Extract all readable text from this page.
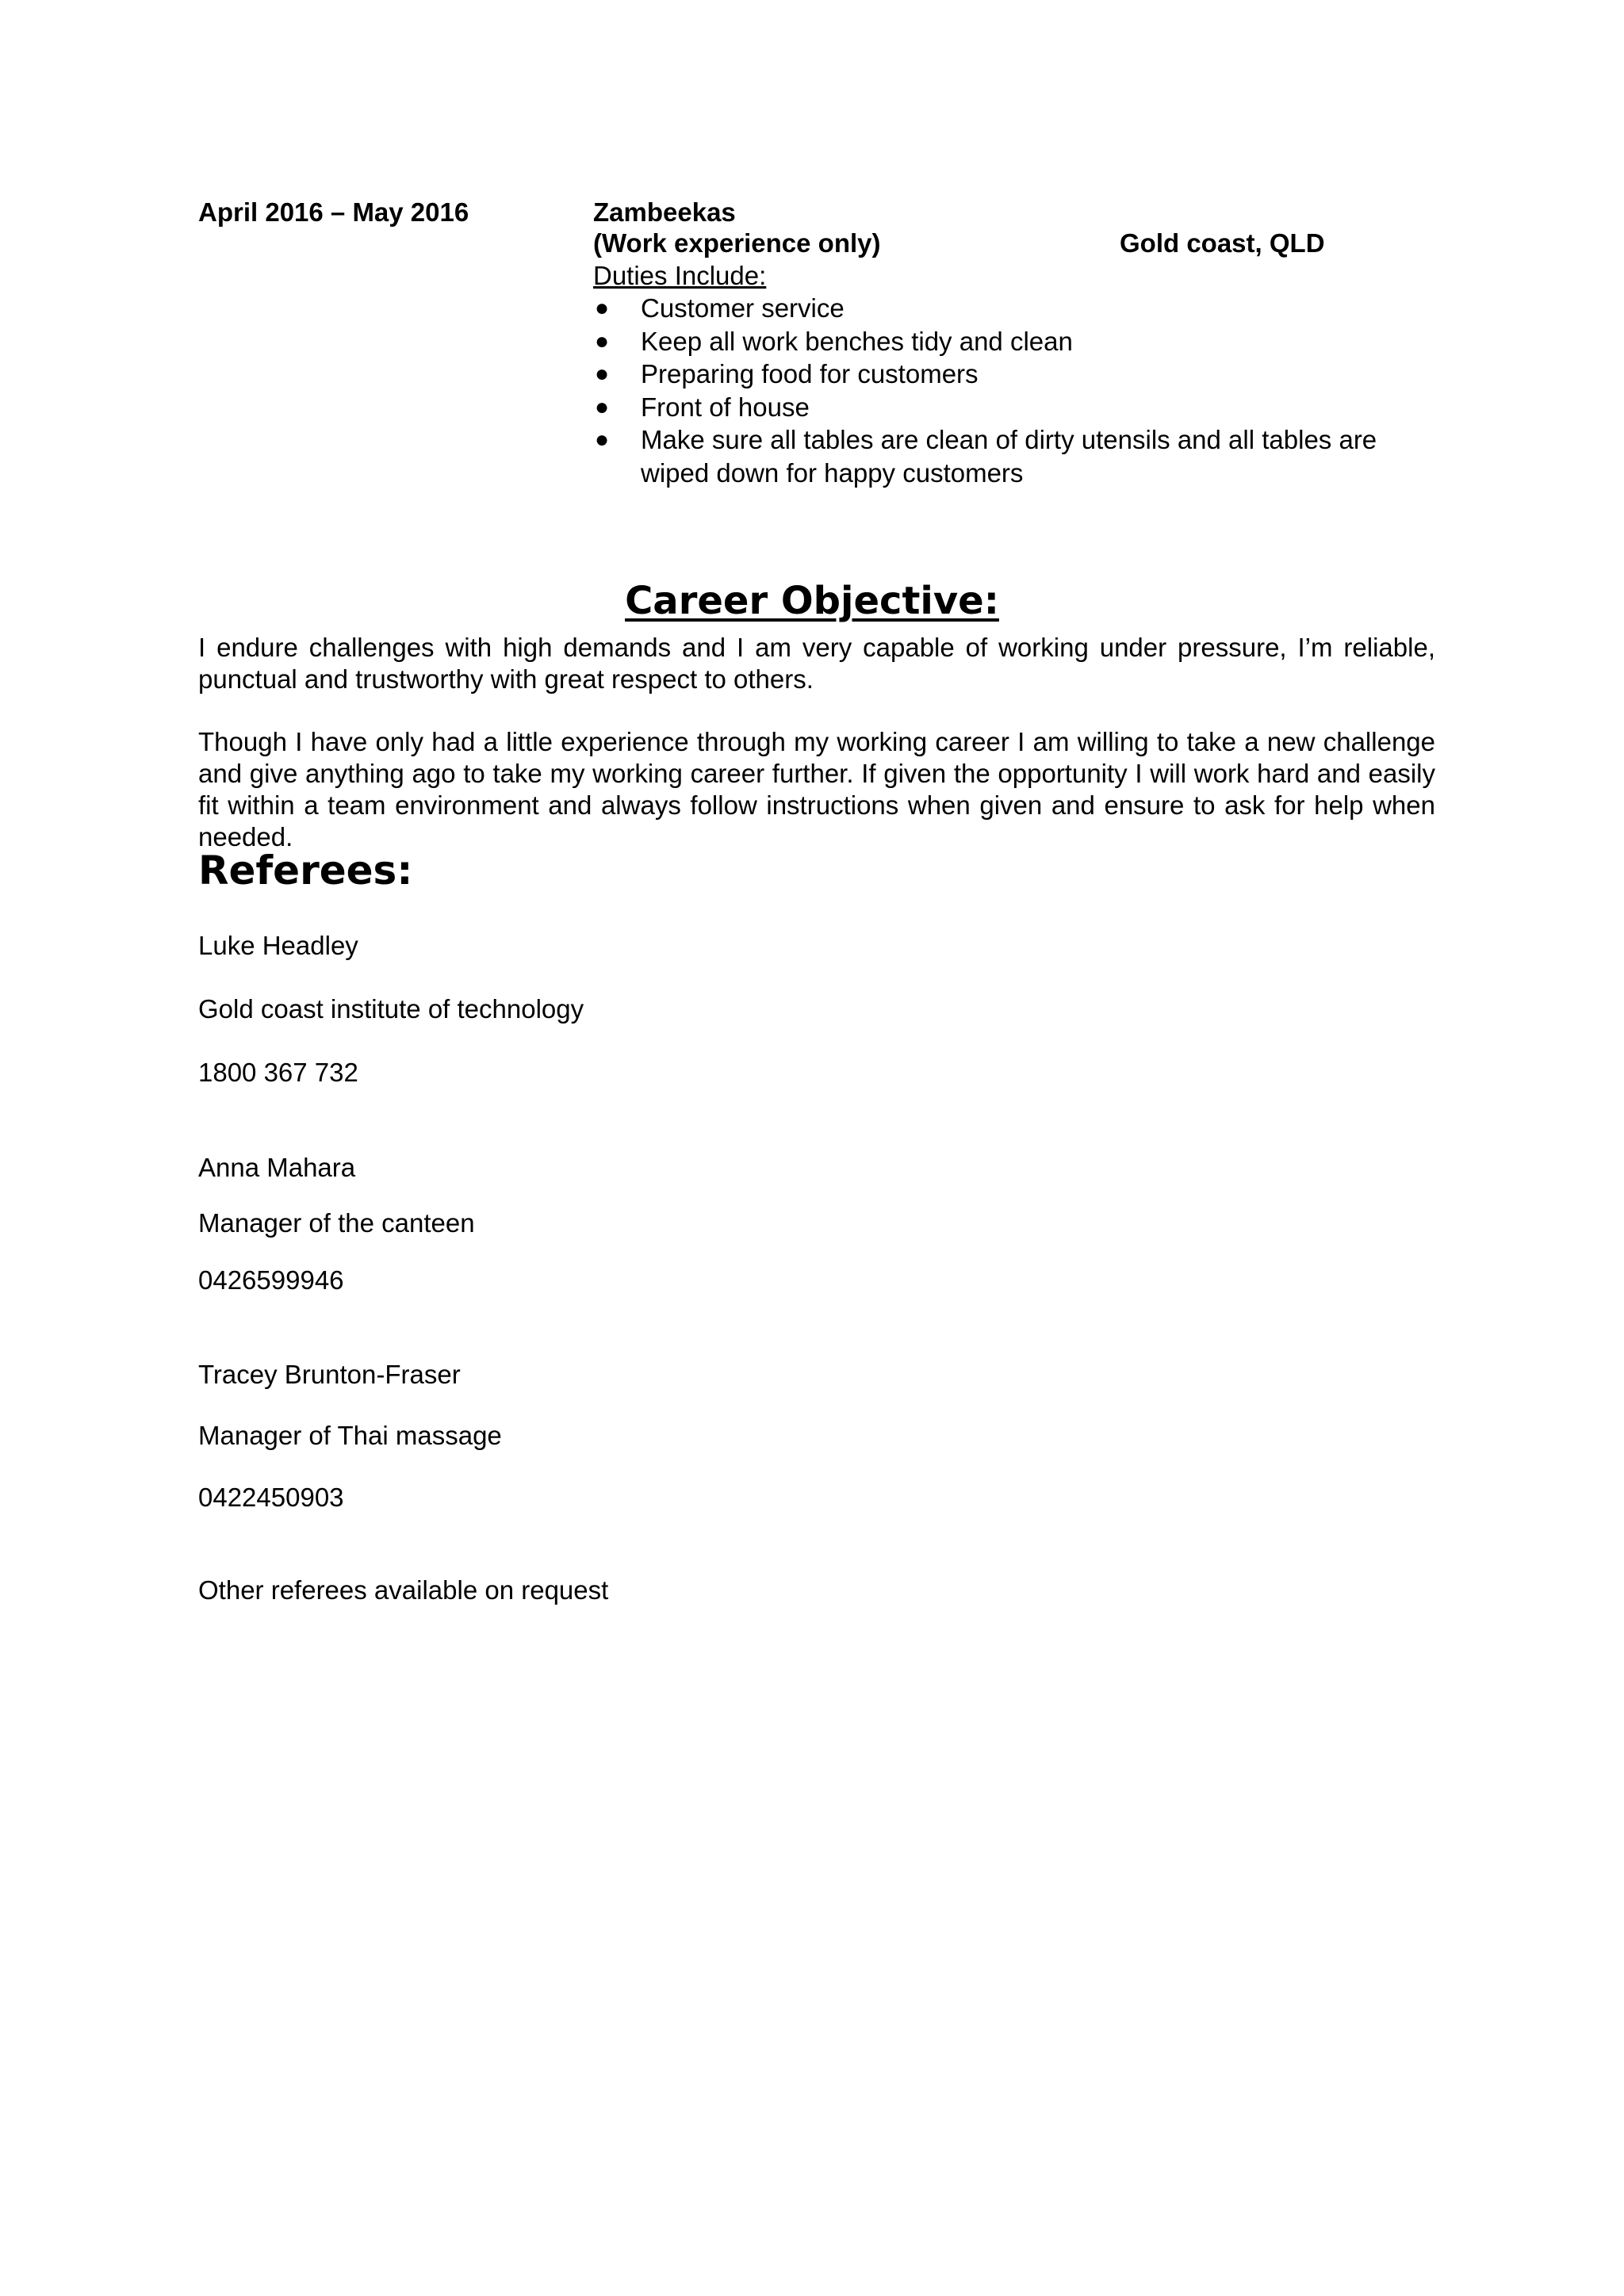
April 2016 – May 2016	Zambeekas
(Work experience only)	Gold coast, QLD
Duties Include:
● Customer service
● Keep all work benches tidy and clean
● Preparing food for customers
● Front of house
● Make sure all tables are clean of dirty utensils and all tables are wiped down for happy customers
Career Objective:
I endure challenges with high demands and I am very capable of working under pressure, I’m reliable, punctual and trustworthy with great respect to others.
Though I have only had a little experience through my working career I am willing to take a new challenge and give anything ago to take my working career further. If given the opportunity I will work hard and easily fit within a team environment and always follow instructions when given and ensure to ask for help when needed.
Referees:
Luke Headley
Gold coast institute of technology
1800 367 732
Anna Mahara
Manager of the canteen
0426599946
Tracey Brunton-Fraser
Manager of Thai massage
0422450903
Other referees available on request
